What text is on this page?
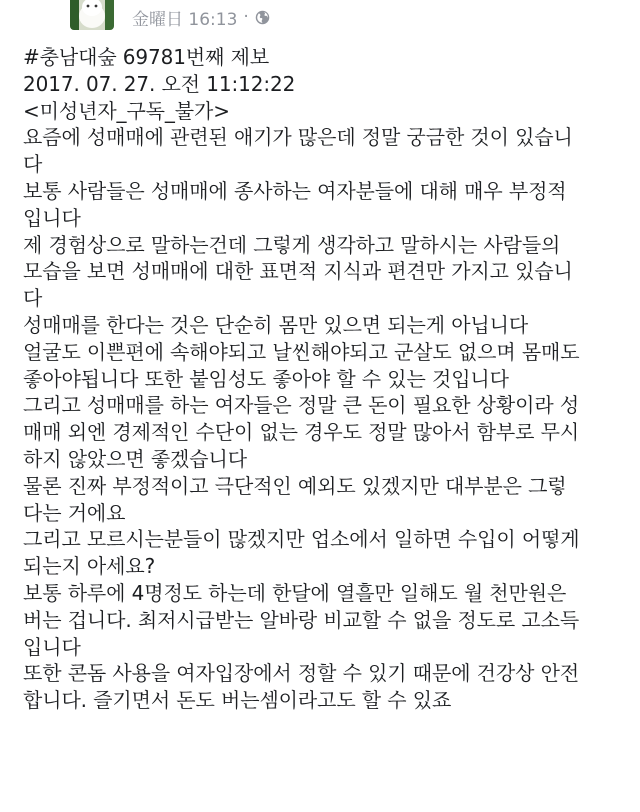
金曜日 16:13 ·
#충남대숲 69781번째 제보
2017. 07. 27. 오전 11:12:22
<미성년자_구독_불가>
요즘에 성매매에 관련된 애기가 많은데 정말 궁금한 것이 있습니
다
보통 사람들은 성매매에 종사하는 여자분들에 대해 매우 부정적
입니다
제 경험상으로 말하는건데 그렇게 생각하고 말하시는 사람들의
모습을 보면 성매매에 대한 표면적 지식과 편견만 가지고 있습니
다
성매매를 한다는 것은 단순히 몸만 있으면 되는게 아닙니다
얼굴도 이쁜편에 속해야되고 날씬해야되고 군살도 없으며 몸매도
좋아야됩니다 또한 붙임성도 좋아야 할 수 있는 것입니다
그리고 성매매를 하는 여자들은 정말 큰 돈이 필요한 상황이라 성
매매 외엔 경제적인 수단이 없는 경우도 정말 많아서 함부로 무시
하지 않았으면 좋겠습니다
물론 진짜 부정적이고 극단적인 예외도 있겠지만 대부분은 그렇
다는 거에요
그리고 모르시는분들이 많겠지만 업소에서 일하면 수입이 어떻게
되는지 아세요?
보통 하루에 4명정도 하는데 한달에 열흘만 일해도 월 천만원은
버는 겁니다. 최저시급받는 알바랑 비교할 수 없을 정도로 고소득
입니다
또한 콘돔 사용을 여자입장에서 정할 수 있기 때문에 건강상 안전
합니다. 즐기면서 돈도 버는셈이라고도 할 수 있죠
